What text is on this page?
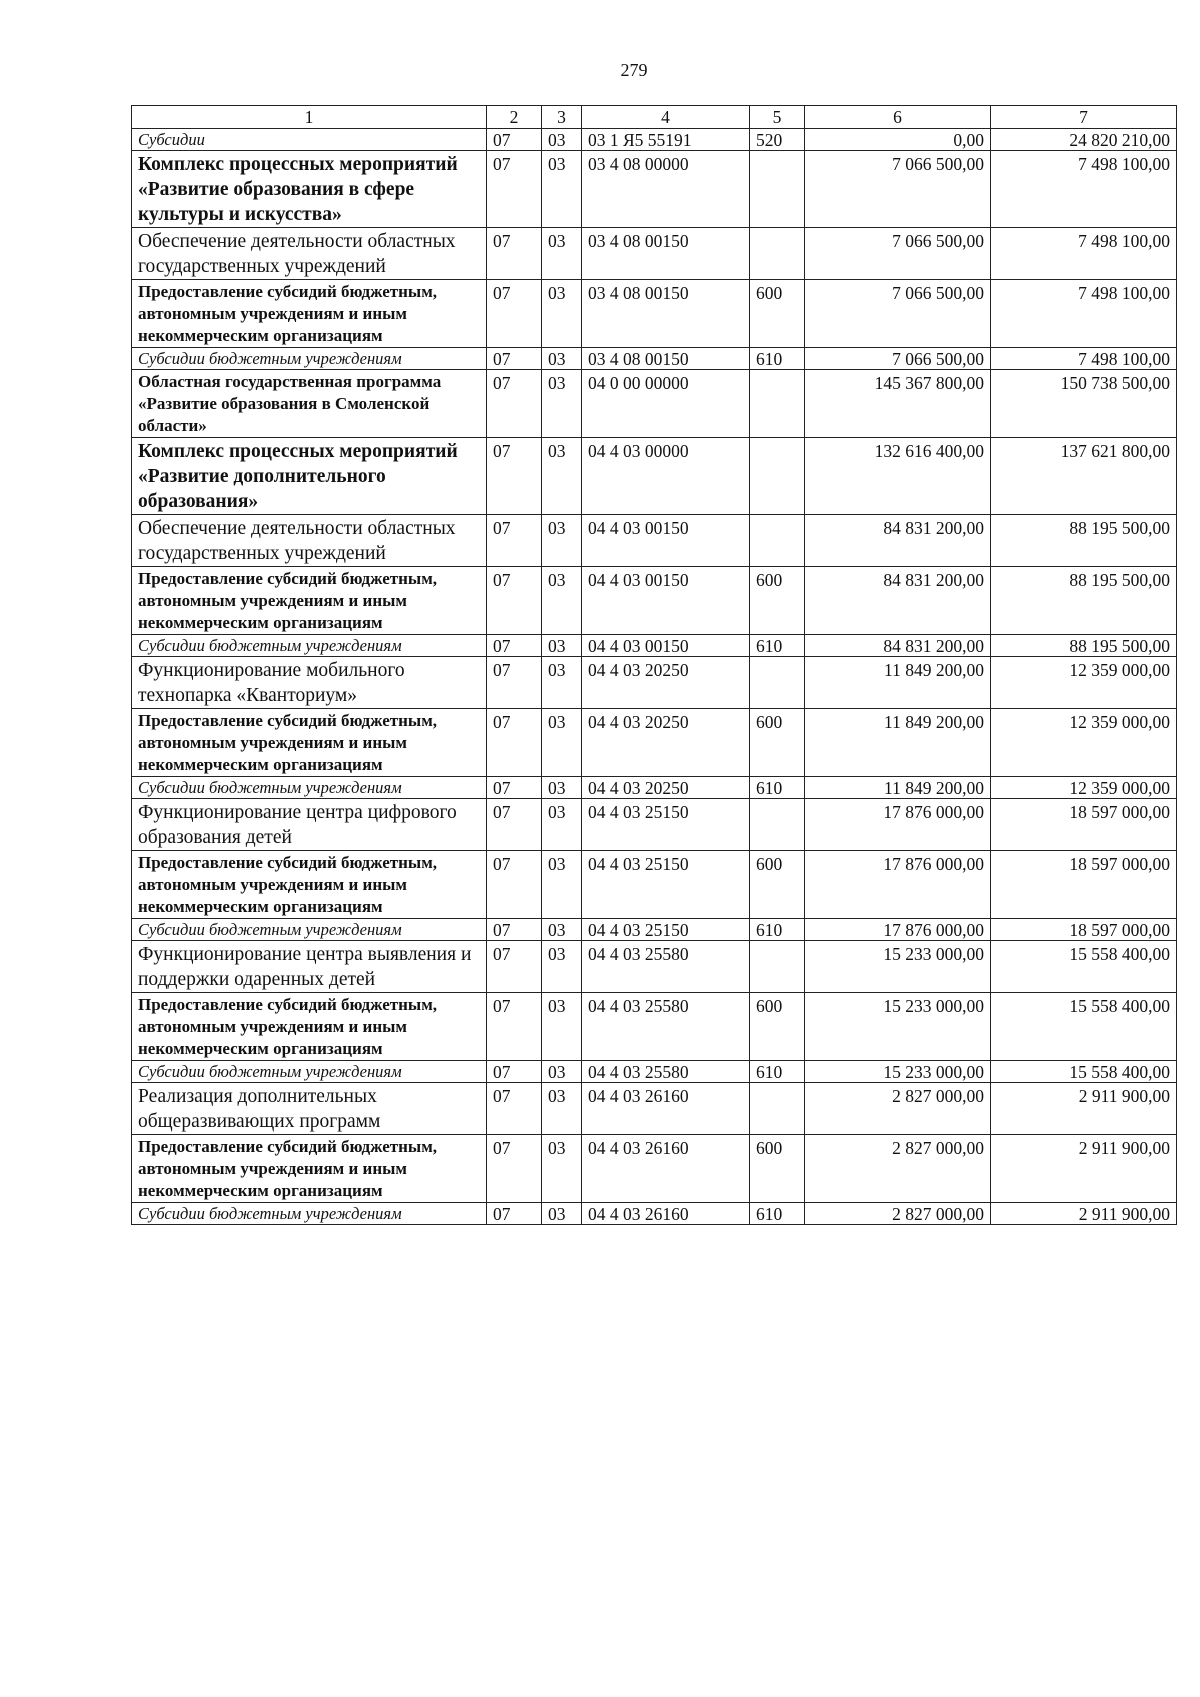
279
1	2	3	4	5	6	7
Субсидии	07	03	03 1 Я5 55191	520	0,00	24 820 210,00
Комплекс процессных мероприятий «Развитие образования в сфере культуры и искусства»	07	03	03 4 08 00000		7 066 500,00	7 498 100,00
Обеспечение деятельности областных государственных учреждений	07	03	03 4 08 00150		7 066 500,00	7 498 100,00
Предоставление субсидий бюджетным, автономным учреждениям и иным некоммерческим организациям	07	03	03 4 08 00150	600	7 066 500,00	7 498 100,00
Субсидии бюджетным учреждениям	07	03	03 4 08 00150	610	7 066 500,00	7 498 100,00
Областная государственная программа «Развитие образования в Смоленской области»	07	03	04 0 00 00000		145 367 800,00	150 738 500,00
Комплекс процессных мероприятий «Развитие дополнительного образования»	07	03	04 4 03 00000		132 616 400,00	137 621 800,00
Обеспечение деятельности областных государственных учреждений	07	03	04 4 03 00150		84 831 200,00	88 195 500,00
Предоставление субсидий бюджетным, автономным учреждениям и иным некоммерческим организациям	07	03	04 4 03 00150	600	84 831 200,00	88 195 500,00
Субсидии бюджетным учреждениям	07	03	04 4 03 00150	610	84 831 200,00	88 195 500,00
Функционирование мобильного технопарка «Кванториум»	07	03	04 4 03 20250		11 849 200,00	12 359 000,00
Предоставление субсидий бюджетным, автономным учреждениям и иным некоммерческим организациям	07	03	04 4 03 20250	600	11 849 200,00	12 359 000,00
Субсидии бюджетным учреждениям	07	03	04 4 03 20250	610	11 849 200,00	12 359 000,00
Функционирование центра цифрового образования детей	07	03	04 4 03 25150		17 876 000,00	18 597 000,00
Предоставление субсидий бюджетным, автономным учреждениям и иным некоммерческим организациям	07	03	04 4 03 25150	600	17 876 000,00	18 597 000,00
Субсидии бюджетным учреждениям	07	03	04 4 03 25150	610	17 876 000,00	18 597 000,00
Функционирование центра выявления и поддержки одаренных детей	07	03	04 4 03 25580		15 233 000,00	15 558 400,00
Предоставление субсидий бюджетным, автономным учреждениям и иным некоммерческим организациям	07	03	04 4 03 25580	600	15 233 000,00	15 558 400,00
Субсидии бюджетным учреждениям	07	03	04 4 03 25580	610	15 233 000,00	15 558 400,00
Реализация дополнительных общеразвивающих программ	07	03	04 4 03 26160		2 827 000,00	2 911 900,00
Предоставление субсидий бюджетным, автономным учреждениям и иным некоммерческим организациям	07	03	04 4 03 26160	600	2 827 000,00	2 911 900,00
Субсидии бюджетным учреждениям	07	03	04 4 03 26160	610	2 827 000,00	2 911 900,00
